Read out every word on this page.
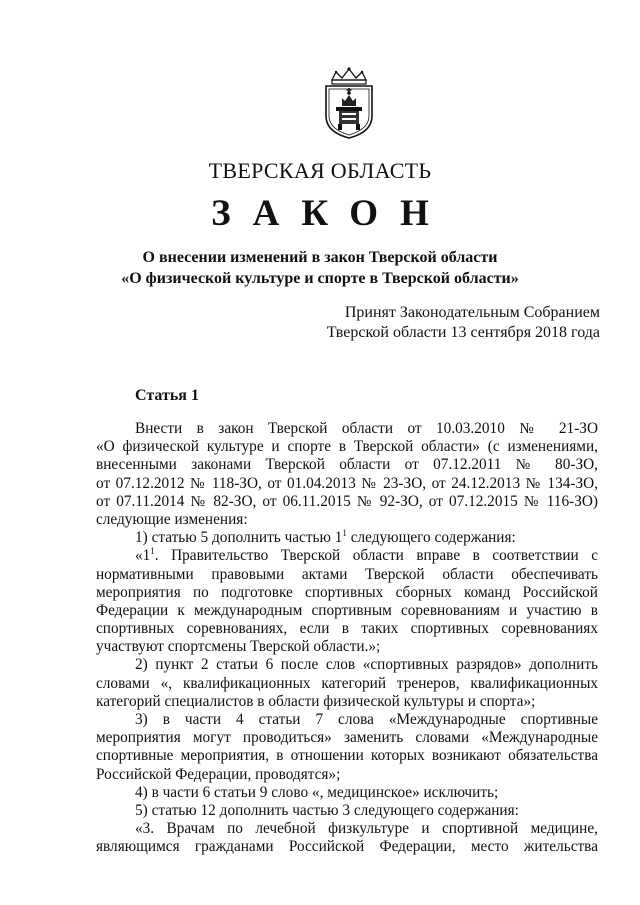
ТВЕРСКАЯ ОБЛАСТЬ
ЗАКОН
О внесении изменений в закон Тверской области
«О физической культуре и спорте в Тверской области»
Принят Законодательным Собранием
Тверской области 13 сентября 2018 года
Статья 1
Внести в закон Тверской области от 10.03.2010 № 21-ЗО
«О физической культуре и спорте в Тверской области» (с изменениями,
внесенными законами Тверской области от 07.12.2011 № 80-ЗО,
от 07.12.2012 № 118-ЗО, от 01.04.2013 № 23-ЗО, от 24.12.2013 № 134-ЗО,
от 07.11.2014 № 82-ЗО, от 06.11.2015 № 92-ЗО, от 07.12.2015 № 116-ЗО)
следующие изменения:
1) статью 5 дополнить частью $1^1$ следующего содержания:
«$1^1$. Правительство Тверской области вправе в соответствии с
нормативными правовыми актами Тверской области обеспечивать
мероприятия по подготовке спортивных сборных команд Российской
Федерации к международным спортивным соревнованиям и участию в
спортивных соревнованиях, если в таких спортивных соревнованиях
участвуют спортсмены Тверской области.»;
2) пункт 2 статьи 6 после слов «спортивных разрядов» дополнить
словами «, квалификационных категорий тренеров, квалификационных
категорий специалистов в области физической культуры и спорта»;
3) в части 4 статьи 7 слова «Международные спортивные
мероприятия могут проводиться» заменить словами «Международные
спортивные мероприятия, в отношении которых возникают обязательства
Российской Федерации, проводятся»;
4) в части 6 статьи 9 слово «, медицинское» исключить;
5) статью 12 дополнить частью 3 следующего содержания:
«3. Врачам по лечебной физкультуре и спортивной медицине,
являющимся гражданами Российской Федерации, место жительства
